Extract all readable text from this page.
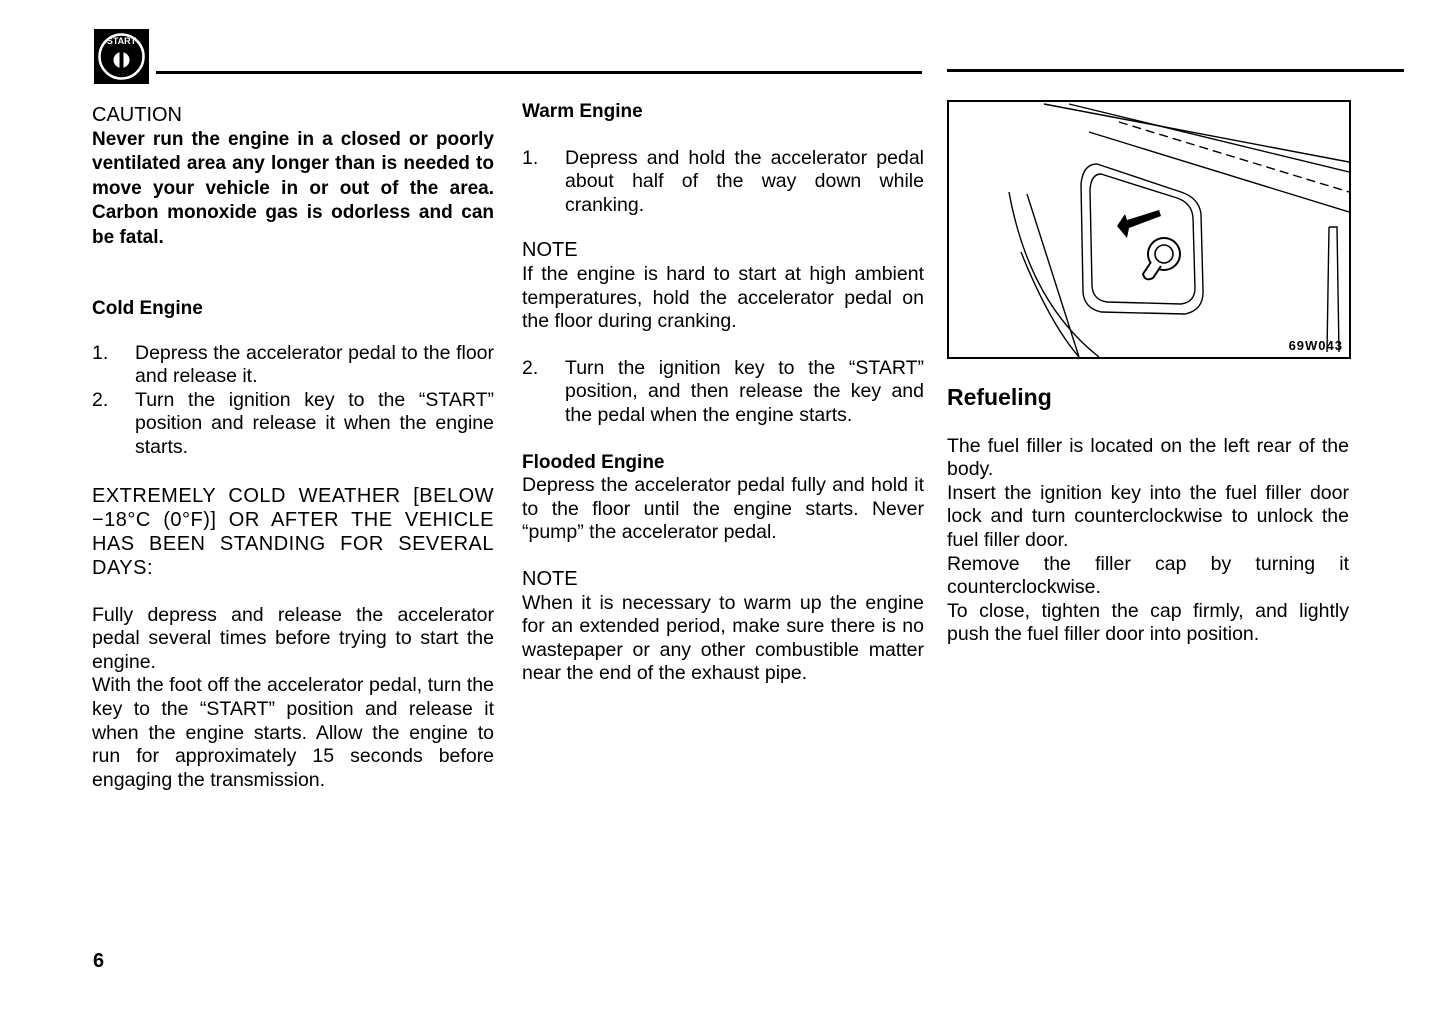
START
CAUTION
Never run the engine in a closed or poorly ventilated area any longer than is needed to move your vehicle in or out of the area. Carbon monoxide gas is odorless and can be fatal.
Cold Engine
1.	Depress the accelerator pedal to the floor and release it.
2.	Turn the ignition key to the “START” position and release it when the engine starts.
EXTREMELY COLD WEATHER [BELOW −18°C (0°F)] OR AFTER THE VEHICLE HAS BEEN STANDING FOR SEVERAL DAYS:
Fully depress and release the accelerator pedal several times before trying to start the engine.
With the foot off the accelerator pedal, turn the key to the “START” position and release it when the engine starts. Allow the engine to run for approximately 15 seconds before engaging the transmission.
6
Warm Engine
1.	Depress and hold the accelerator pedal about half of the way down while cranking.
NOTE
If the engine is hard to start at high ambient temperatures, hold the accelerator pedal on the floor during cranking.
2.	Turn the ignition key to the “START” position, and then release the key and the pedal when the engine starts.
Flooded Engine
Depress the accelerator pedal fully and hold it to the floor until the engine starts. Never “pump” the accelerator pedal.
NOTE
When it is necessary to warm up the engine for an extended period, make sure there is no wastepaper or any other combustible matter near the end of the exhaust pipe.
69W043
Refueling
The fuel filler is located on the left rear of the body.
Insert the ignition key into the fuel filler door lock and turn counterclockwise to unlock the fuel filler door.
Remove the filler cap by turning it counterclockwise.
To close, tighten the cap firmly, and lightly push the fuel filler door into position.
